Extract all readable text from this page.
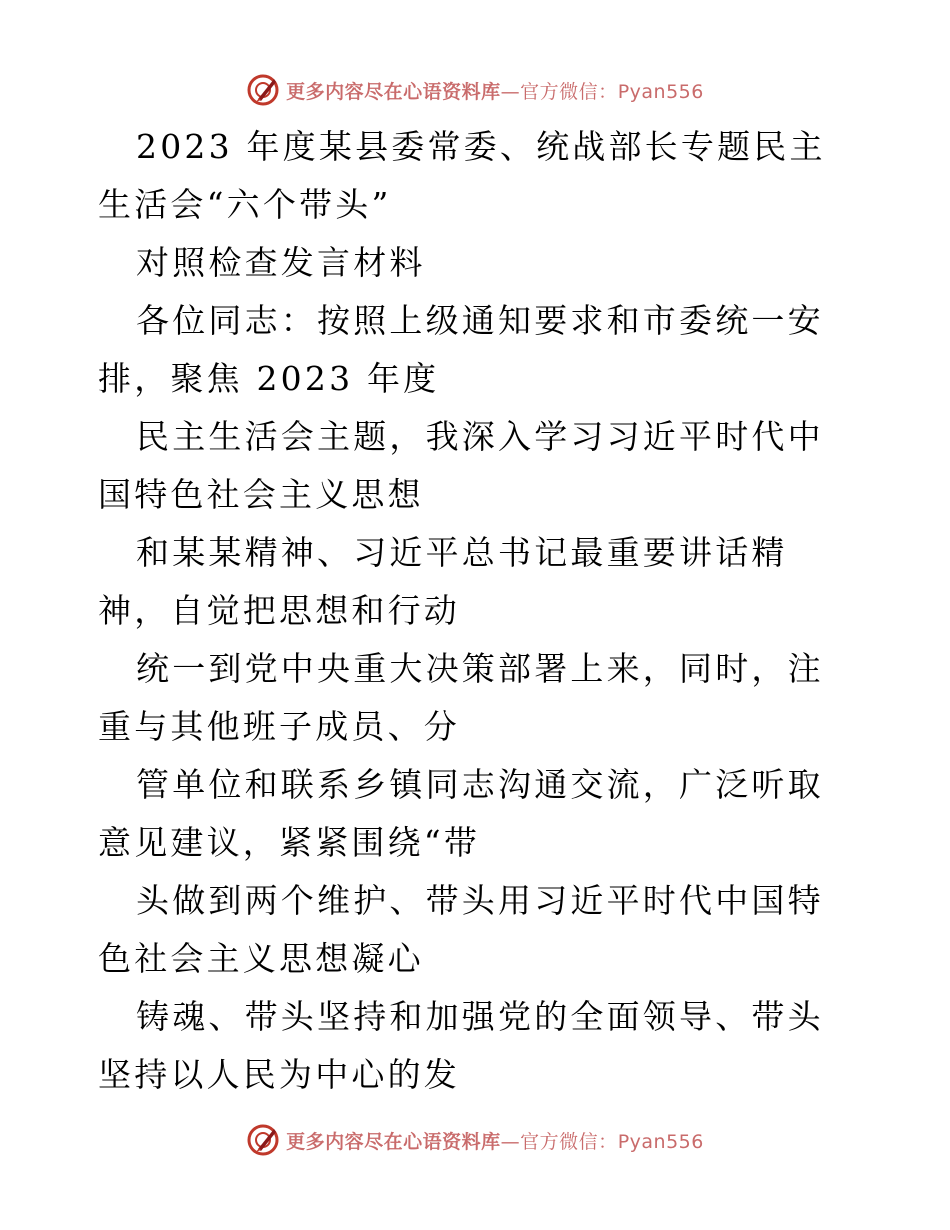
更多内容尽在心语资料库—官方微信：Pyan556

2023 年度某县委常委、统战部长专题民主生活会“六个带头”

对照检查发言材料

各位同志：按照上级通知要求和市委统一安排，聚焦 2023 年度

民主生活会主题，我深入学习习近平时代中国特色社会主义思想

和某某精神、习近平总书记最重要讲话精神，自觉把思想和行动

统一到党中央重大决策部署上来，同时，注重与其他班子成员、分

管单位和联系乡镇同志沟通交流，广泛听取意见建议，紧紧围绕“带

头做到两个维护、带头用习近平时代中国特色社会主义思想凝心

铸魂、带头坚持和加强党的全面领导、带头坚持以人民为中心的发

更多内容尽在心语资料库—官方微信：Pyan556
